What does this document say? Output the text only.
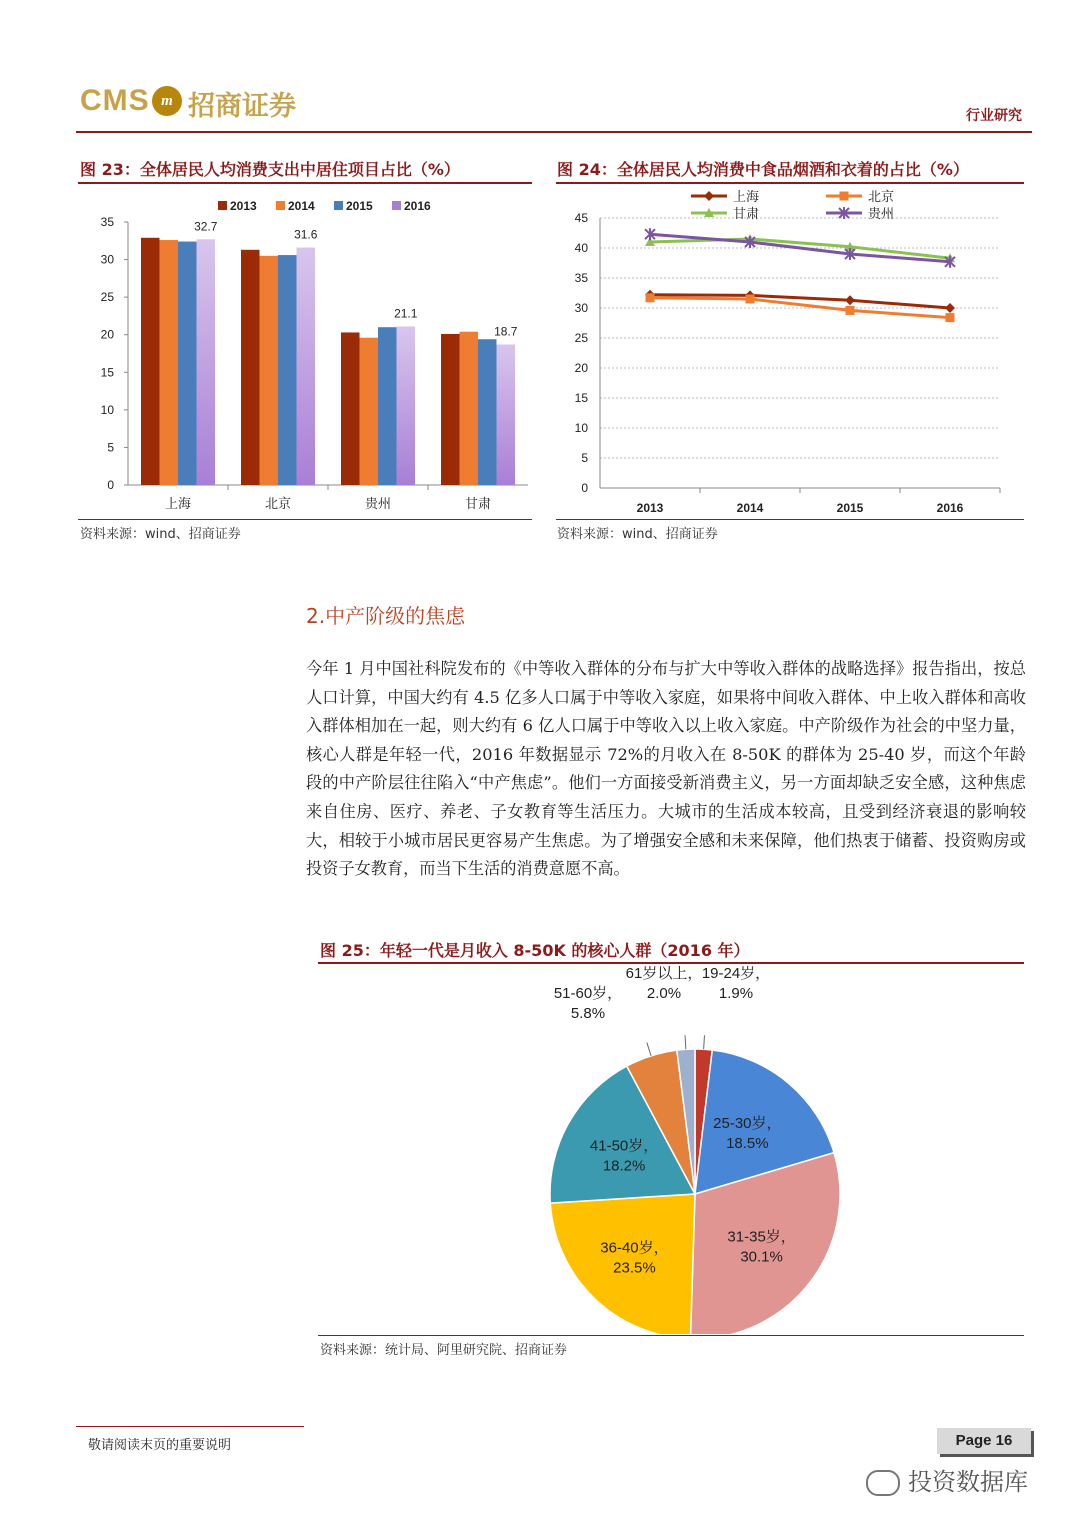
CMS m 招商证券	行业研究
图 23：全体居民人均消费支出中居住项目占比（%）
0
5
10
15
20
25
30
35
上海
32.7
北京
31.6
贵州
21.1
甘肃
18.7
2013	2014	2015	2016
资料来源：wind、招商证券
图 24：全体居民人均消费中食品烟酒和衣着的占比（%）
0
5
10
15
20
25
30
35
40
45
2013	2014	2015	2016
上海	北京
甘肃	贵州
资料来源：wind、招商证券
2.中产阶级的焦虑
今年 1 月中国社科院发布的《中等收入群体的分布与扩大中等收入群体的战略选择》报告指出，按总人口计算，中国大约有 4.5 亿多人口属于中等收入家庭，如果将中间收入群体、中上收入群体和高收入群体相加在一起，则大约有 6 亿人口属于中等收入以上收入家庭。中产阶级作为社会的中坚力量，核心人群是年轻一代，2016 年数据显示 72%的月收入在 8-50K 的群体为 25-40 岁，而这个年龄段的中产阶层往往陷入“中产焦虑”。他们一方面接受新消费主义，另一方面却缺乏安全感，这种焦虑来自住房、医疗、养老、子女教育等生活压力。大城市的生活成本较高，且受到经济衰退的影响较大，相较于小城市居民更容易产生焦虑。为了增强安全感和未来保障，他们热衷于储蓄、投资购房或投资子女教育，而当下生活的消费意愿不高。
图 25：年轻一代是月收入 8-50K 的核心人群（2016 年）
19-24岁，
1.9%
25-30岁，
18.5%
31-35岁，
30.1%
36-40岁，
23.5%
41-50岁，
18.2%
51-60岁，
5.8%
61岁以上，
2.0%
资料来源：统计局、阿里研究院、招商证券
敬请阅读末页的重要说明	Page 16
投资数据库
